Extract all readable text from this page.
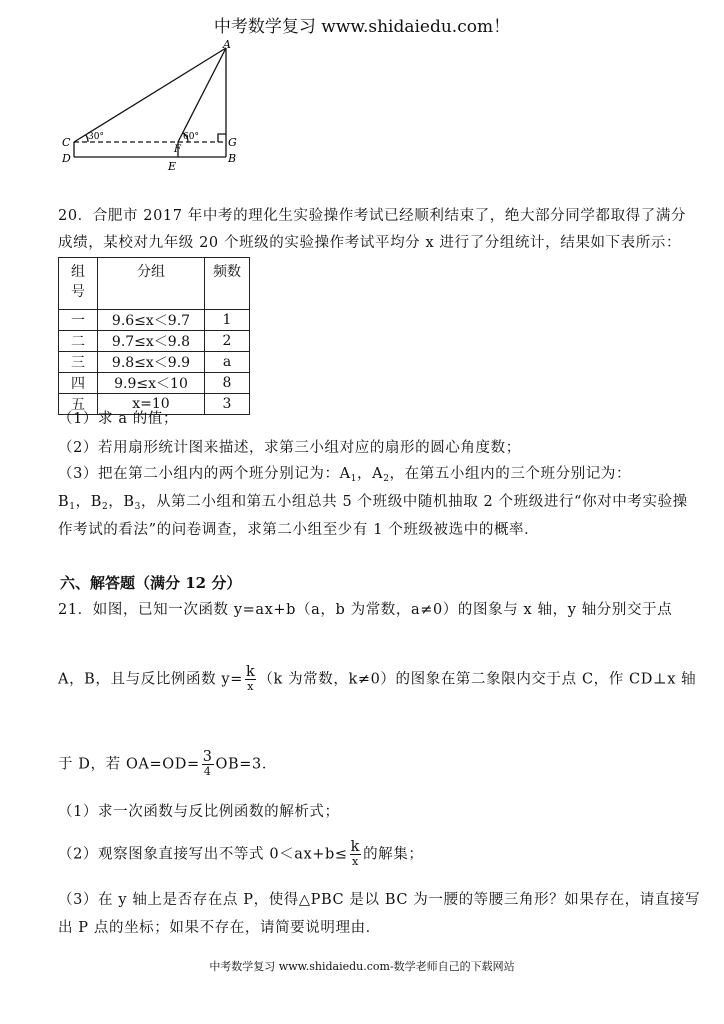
中考数学复习 www.shidaiedu.com！
A
C
D
F
E
G
B
30°	60°
20．合肥市 2017 年中考的理化生实验操作考试已经顺利结束了，绝大部分同学都取得了满分
成绩，某校对九年级 20 个班级的实验操作考试平均分 x 进行了分组统计，结果如下表所示：
组
号	分组	频数
一	9.6≤x＜9.7	1
二	9.7≤x＜9.8	2
三	9.8≤x＜9.9	a
四	9.9≤x＜10	8
五	x=10	3
（1）求 a 的值；
（2）若用扇形统计图来描述，求第三小组对应的扇形的圆心角度数；
（3）把在第二小组内的两个班分别记为：$A_1$，$A_2$，在第五小组内的三个班分别记为：
$B_1$，$B_2$，$B_3$，从第二小组和第五小组总共 5 个班级中随机抽取 2 个班级进行“你对中考实验操
作考试的看法”的问卷调查，求第二小组至少有 1 个班级被选中的概率．
六、解答题（满分 12 分）
21．如图，已知一次函数 y=ax+b（a，b 为常数，a≠0）的图象与 x 轴，y 轴分别交于点
A，B，且与反比例函数 $y= \frac{k}{x} (k$ 为常数，k≠0）的图象在第二象限内交于点 C，作 CD⊥x 轴
于 D，若 $OA=OD= \frac{3}{4} OB=3$．
（1）求一次函数与反比例函数的解析式；
（2）观察图象直接写出不等式 $0<ax+b\le \frac{k}{x}$ 的解集；
（3）在 y 轴上是否存在点 P，使得△PBC 是以 BC 为一腰的等腰三角形？如果存在，请直接写
出 P 点的坐标；如果不存在，请简要说明理由．
中考数学复习 www.shidaiedu.com-数学老师自己的下载网站
